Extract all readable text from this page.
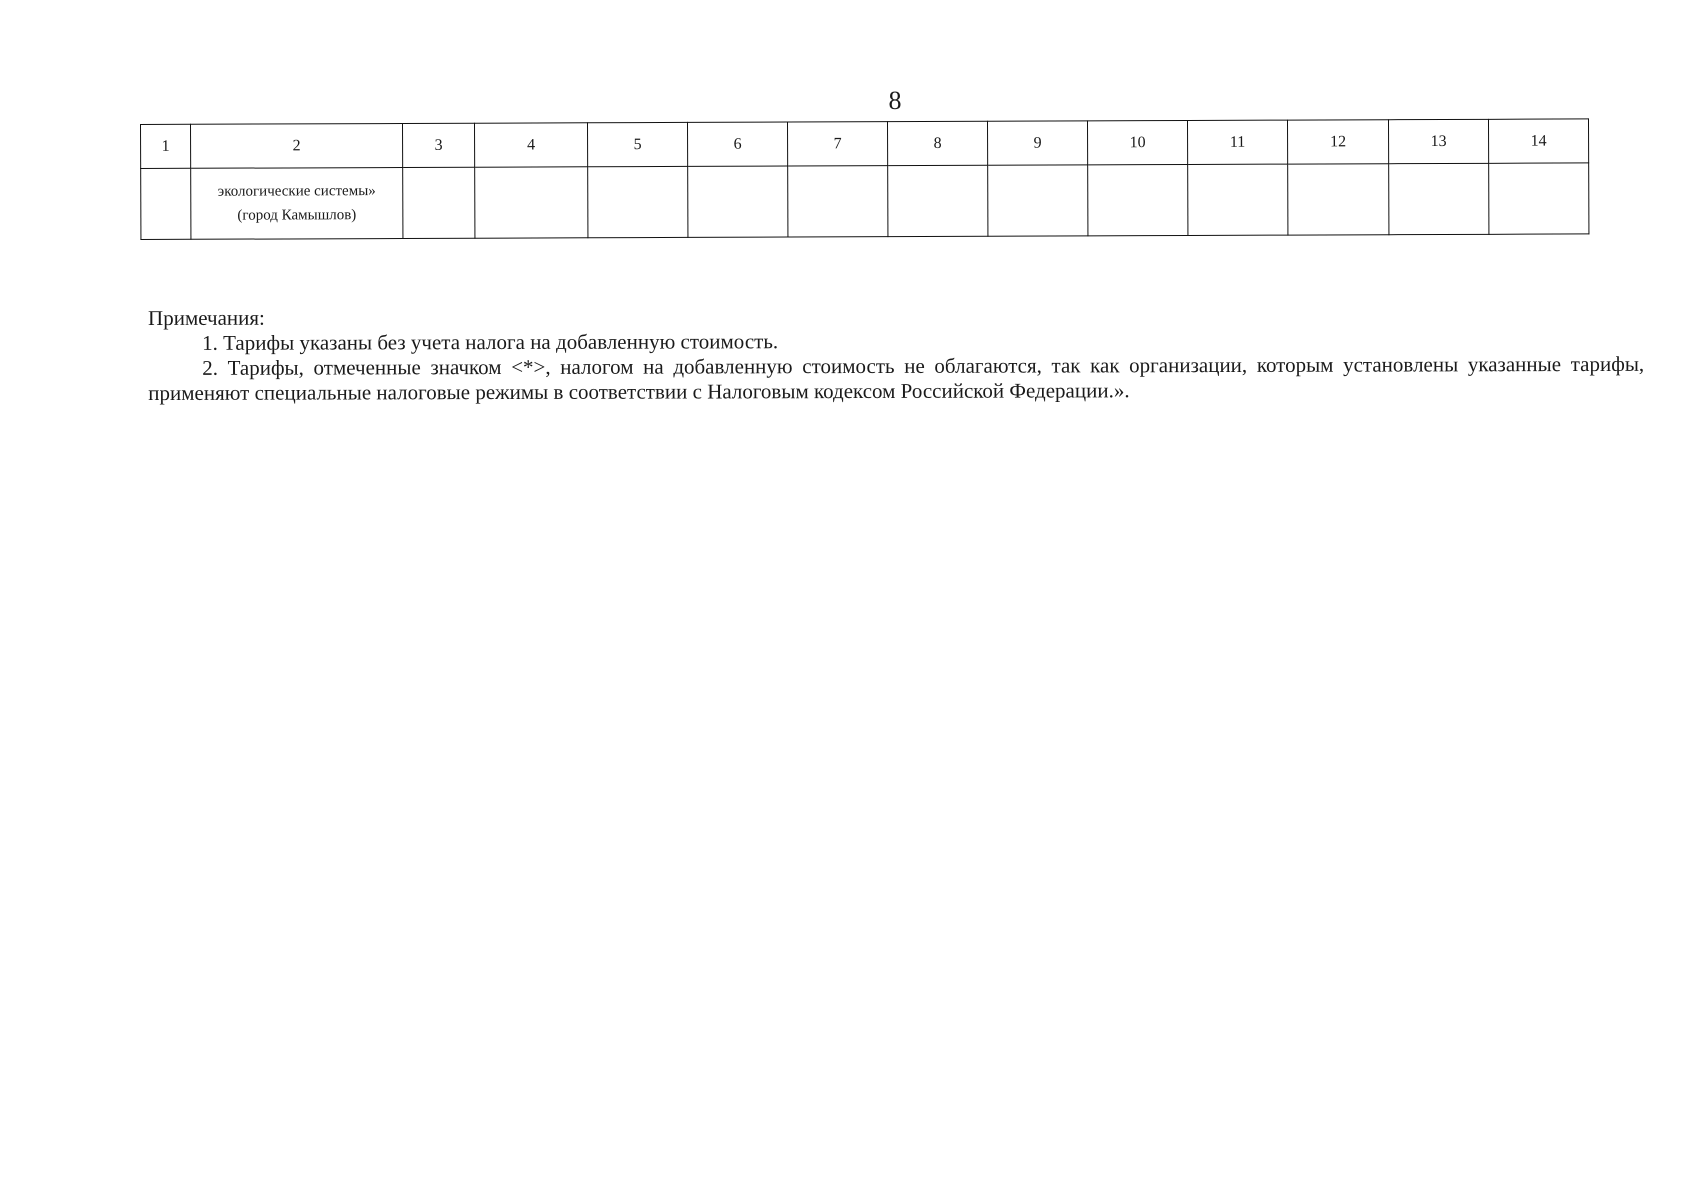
8
1	2	3	4	5	6	7	8	9	10	11	12	13	14

	экологические системы»
(город Камышлов)												

Примечания:
1. Тарифы указаны без учета налога на добавленную стоимость.
2. Тарифы, отмеченные значком <*>, налогом на добавленную стоимость не облагаются, так как организации, которым установлены указанные тарифы, применяют специальные налоговые режимы в соответствии с Налоговым кодексом Российской Федерации.».
